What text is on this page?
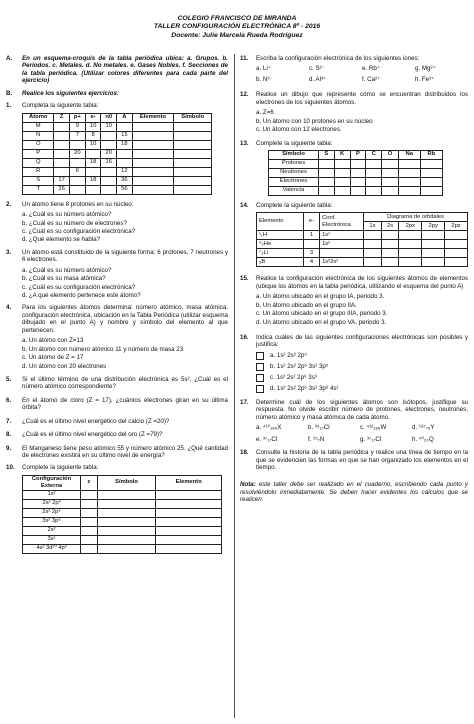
COLEGIO FRANCISCO DE MIRANDA
TALLER CONFIGURACIÓN ELECTRÓNICA 8º - 2016
Docente: Julie Marcela Rueda Rodríguez
A.	En un esquema-croquis de la tabla periódica ubica: a. Grupos. b. Periodos. c. Metales. d. No metales. e. Gases Nobles. f. Secciones de la tabla periódica. (Utilizar colores diferentes para cada parte del ejercicio)
B.	Realice los siguientes ejercicios:
1.	Completa la siguiente tabla:
Átomo	Z	p+	e-	n0	A	Elemento	Símbolo
M		9	10	10			
N		7	8		15		
O			10		18		
P		20		20			
Q			18	16			
R		6			12		
S	17		18		36		
T	26				56		
2.	Un átomo tiene 8 protones en su núcleo:
a. ¿Cuál es su número atómico?
b. ¿Cuál es su número de electrones?
c. ¿Cuál es su configuración electrónica?
d. ¿Qué elemento se habla?
3.	Un átomo está constituido de la siguiente forma: 6 protones, 7 neutrones y 6 electrones.
a. ¿Cuál es su número atómico?
b. ¿Cuál es su masa atómica?
c. ¿Cuál es su configuración electrónica?
d. ¿A qué elemento pertenece este átomo?
4.	Para los siguientes átomos determina: número atómico, masa atómica, configuración electrónica, ubicación en la Tabla Periódica (utilizar esquema dibujado en el punto A) y nombre y símbolo del elemento al que pertenecen.
a. Un átomo con Z=13
b. Un átomo con número atómico 11 y número de masa 23
c. Un átomo de Z = 17
d. Un átomo con 20 electrones
5.	Si el último término de una distribución electrónica es 5s², ¿Cuál es el número atómico correspondiente?
6.	En el átomo de cloro (Z = 17), ¿cuántos electrones giran en su última órbita?
7.	¿Cuál es el último nivel energético del calcio (Z =20)?
8.	¿Cuál es el último nivel energético del oro (Z =79)?
9.	El Manganeso tiene peso atómico 55 y número atómico 25. ¿Qué cantidad de electrones existirá en su último nivel de energía?
10.	Complete la siguiente tabla:
Configuración Externa	z	Símbolo	Elemento
1s²			
2s² 2p³			
2s² 2p⁶			
3s² 3p⁶			
2s²			
3s¹			
4s² 3d¹⁰ 4p³			
11.	Escriba la configuración electrónica de los siguientes iones:
a. Li⁺	c. S²⁻	e. Rb⁺	g. Mg²⁺
b. N³⁻	d. Al³⁺	f. Ca²⁺	h. Fe²⁺
12.	Realice un dibujo que represente cómo se encuentran distribuidos los electrones de los siguientes átomos.
a. Z=6
b. Un átomo con 10 protones en su núcleo
c. Un átomo con 12 electrones.
13.	Complete la siguiente tabla:
Símbolo	S	K	P	C	O	Na	Rb
Protones							
Neutrones							
Electrones							
Valencia							
14.	Complete la siguiente tabla:
Elemento	e-	Conf. Electrónica	Diagrama de orbitales				
			1s	2s	2px	2py	2pz
¹₁H	1	1s¹					
⁴₂He		1s²					
⁷₃Li	3						
₅B	4	1s²2s²					
15.	Realice la configuración electrónica de los siguientes átomos de elementos (ubique los átomos en la tabla periódica, utilizando el esquema del punto A)
a. Un átomo ubicado en el grupo IA, periodo 3.
b. Un átomo ubicado en el grupo IIA.
c. Un átomo ubicado en el grupo IIIA, periodo 3.
d. Un átomo ubicado en el grupo VA, periodo 3.
16.	Indica cuáles de las siguientes configuraciones electrónicas son posibles y justifica:
a. 1s² 2s² 2p⁵
b. 1s² 2s² 2p⁶ 3s² 3p⁵
c. 1s² 2s² 2p⁶ 3s³
d. 1s² 2s² 2p⁶ 3s² 3p⁶ 4s¹
17.	Determine cuál de los siguientes átomos son isótopos, justifique su respuesta. No olvide escribir número de protones, electrones, neutrones, número atómico y masa atómica de cada átomo.
a. ⁴¹⁰₁₈₆X	b. ³⁵₁₇Cl	c. ⁴¹²₁₈₆W	d. ¹⁸⁷₇₆Y
e. ³⁷₁₇Cl	f. ¹⁵₇N	g. ³⁷₁₇Cl	h. ⁴⁰₂₀Q
18.	Consulte la historia de la tabla periódica y realice una línea de tiempo en la que se evidencien las formas en que se han organizado los elementos en el tiempo.
Nota: este taller debe ser realizado en el cuaderno, escribiendo cada punto y resolviéndolo inmediatamente. Se deben hacer evidentes los cálculos que se realicen.
